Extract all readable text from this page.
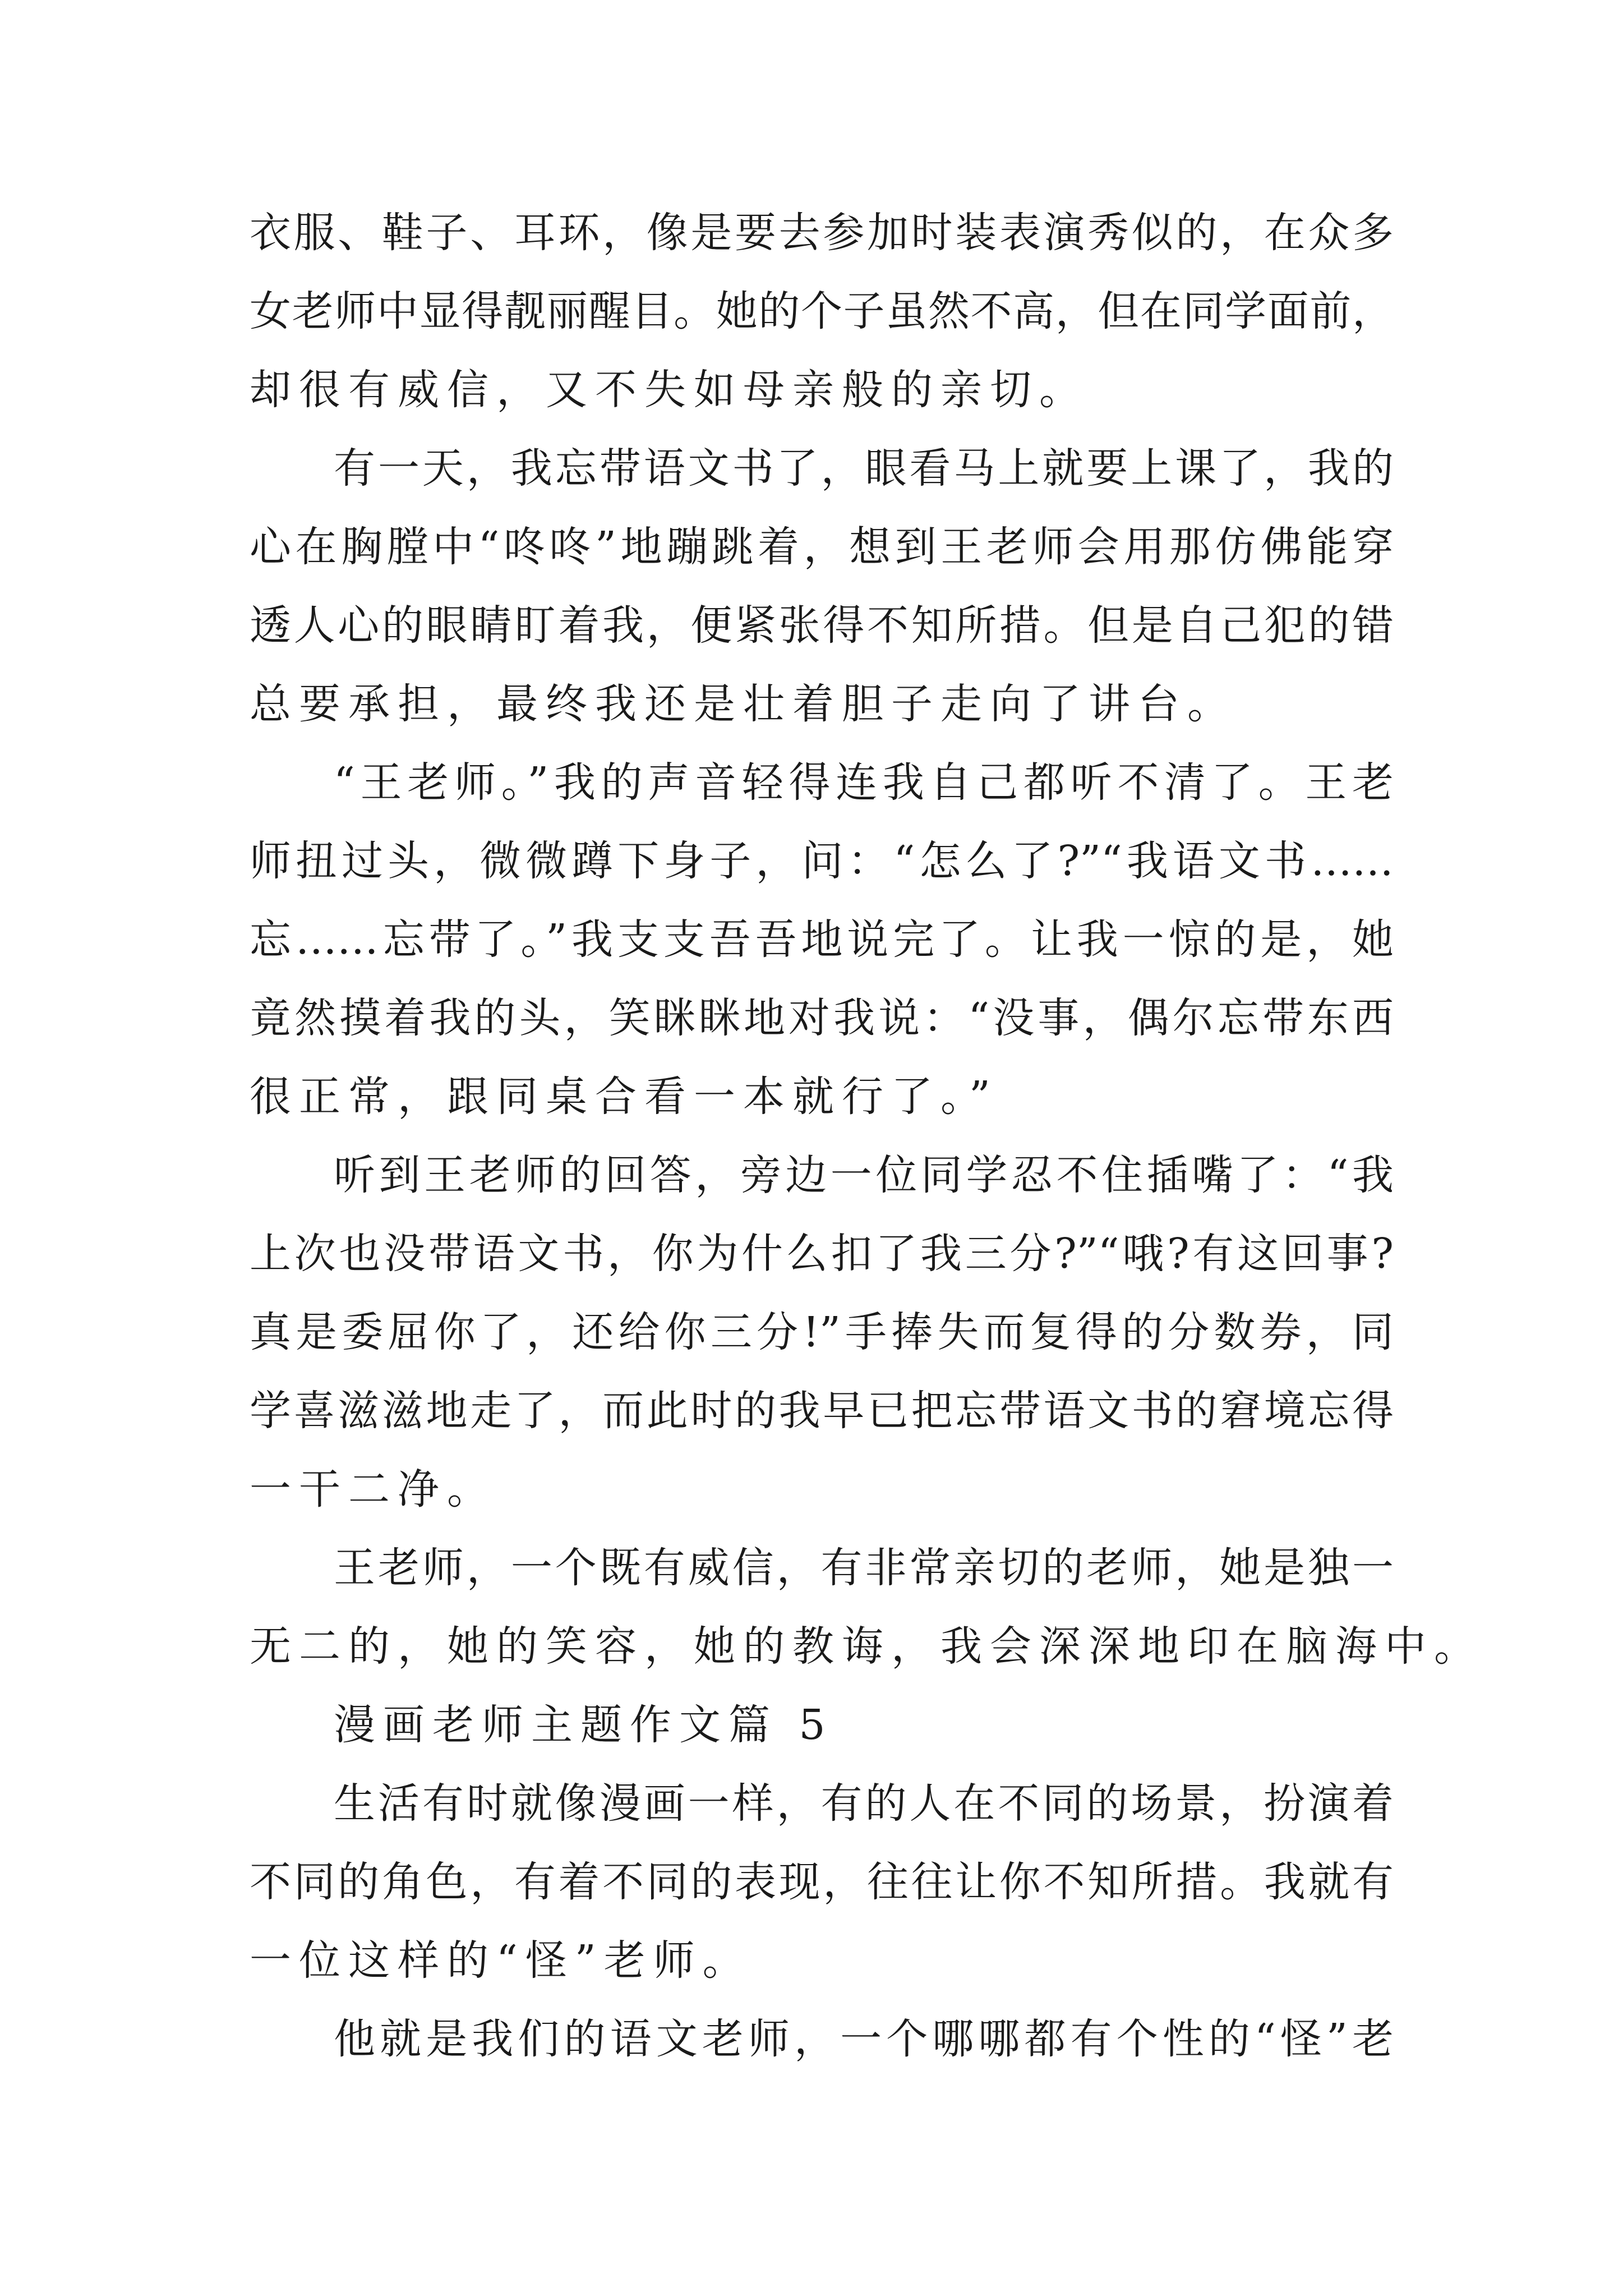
衣服、鞋子、耳环，像是要去参加时装表演秀似的，在众多
女老师中显得靓丽醒目。她的个子虽然不高，但在同学面前，
却很有威信，又不失如母亲般的亲切。
有一天，我忘带语文书了，眼看马上就要上课了，我的
心在胸膛中“咚咚”地蹦跳着，想到王老师会用那仿佛能穿
透人心的眼睛盯着我，便紧张得不知所措。但是自己犯的错
总要承担，最终我还是壮着胆子走向了讲台。
“王老师。”我的声音轻得连我自己都听不清了。王老
师扭过头，微微蹲下身子，问：“怎么了?”“我语文书……
忘……忘带了。”我支支吾吾地说完了。让我一惊的是，她
竟然摸着我的头，笑眯眯地对我说：“没事，偶尔忘带东西
很正常，跟同桌合看一本就行了。”
听到王老师的回答，旁边一位同学忍不住插嘴了：“我
上次也没带语文书，你为什么扣了我三分?”“哦?有这回事?
真是委屈你了，还给你三分!”手捧失而复得的分数券，同
学喜滋滋地走了，而此时的我早已把忘带语文书的窘境忘得
一干二净。
王老师，一个既有威信，有非常亲切的老师，她是独一
无二的，她的笑容，她的教诲，我会深深地印在脑海中。
漫画老师主题作文篇 5
生活有时就像漫画一样，有的人在不同的场景，扮演着
不同的角色，有着不同的表现，往往让你不知所措。我就有
一位这样的“怪”老师。
他就是我们的语文老师，一个哪哪都有个性的“怪”老
